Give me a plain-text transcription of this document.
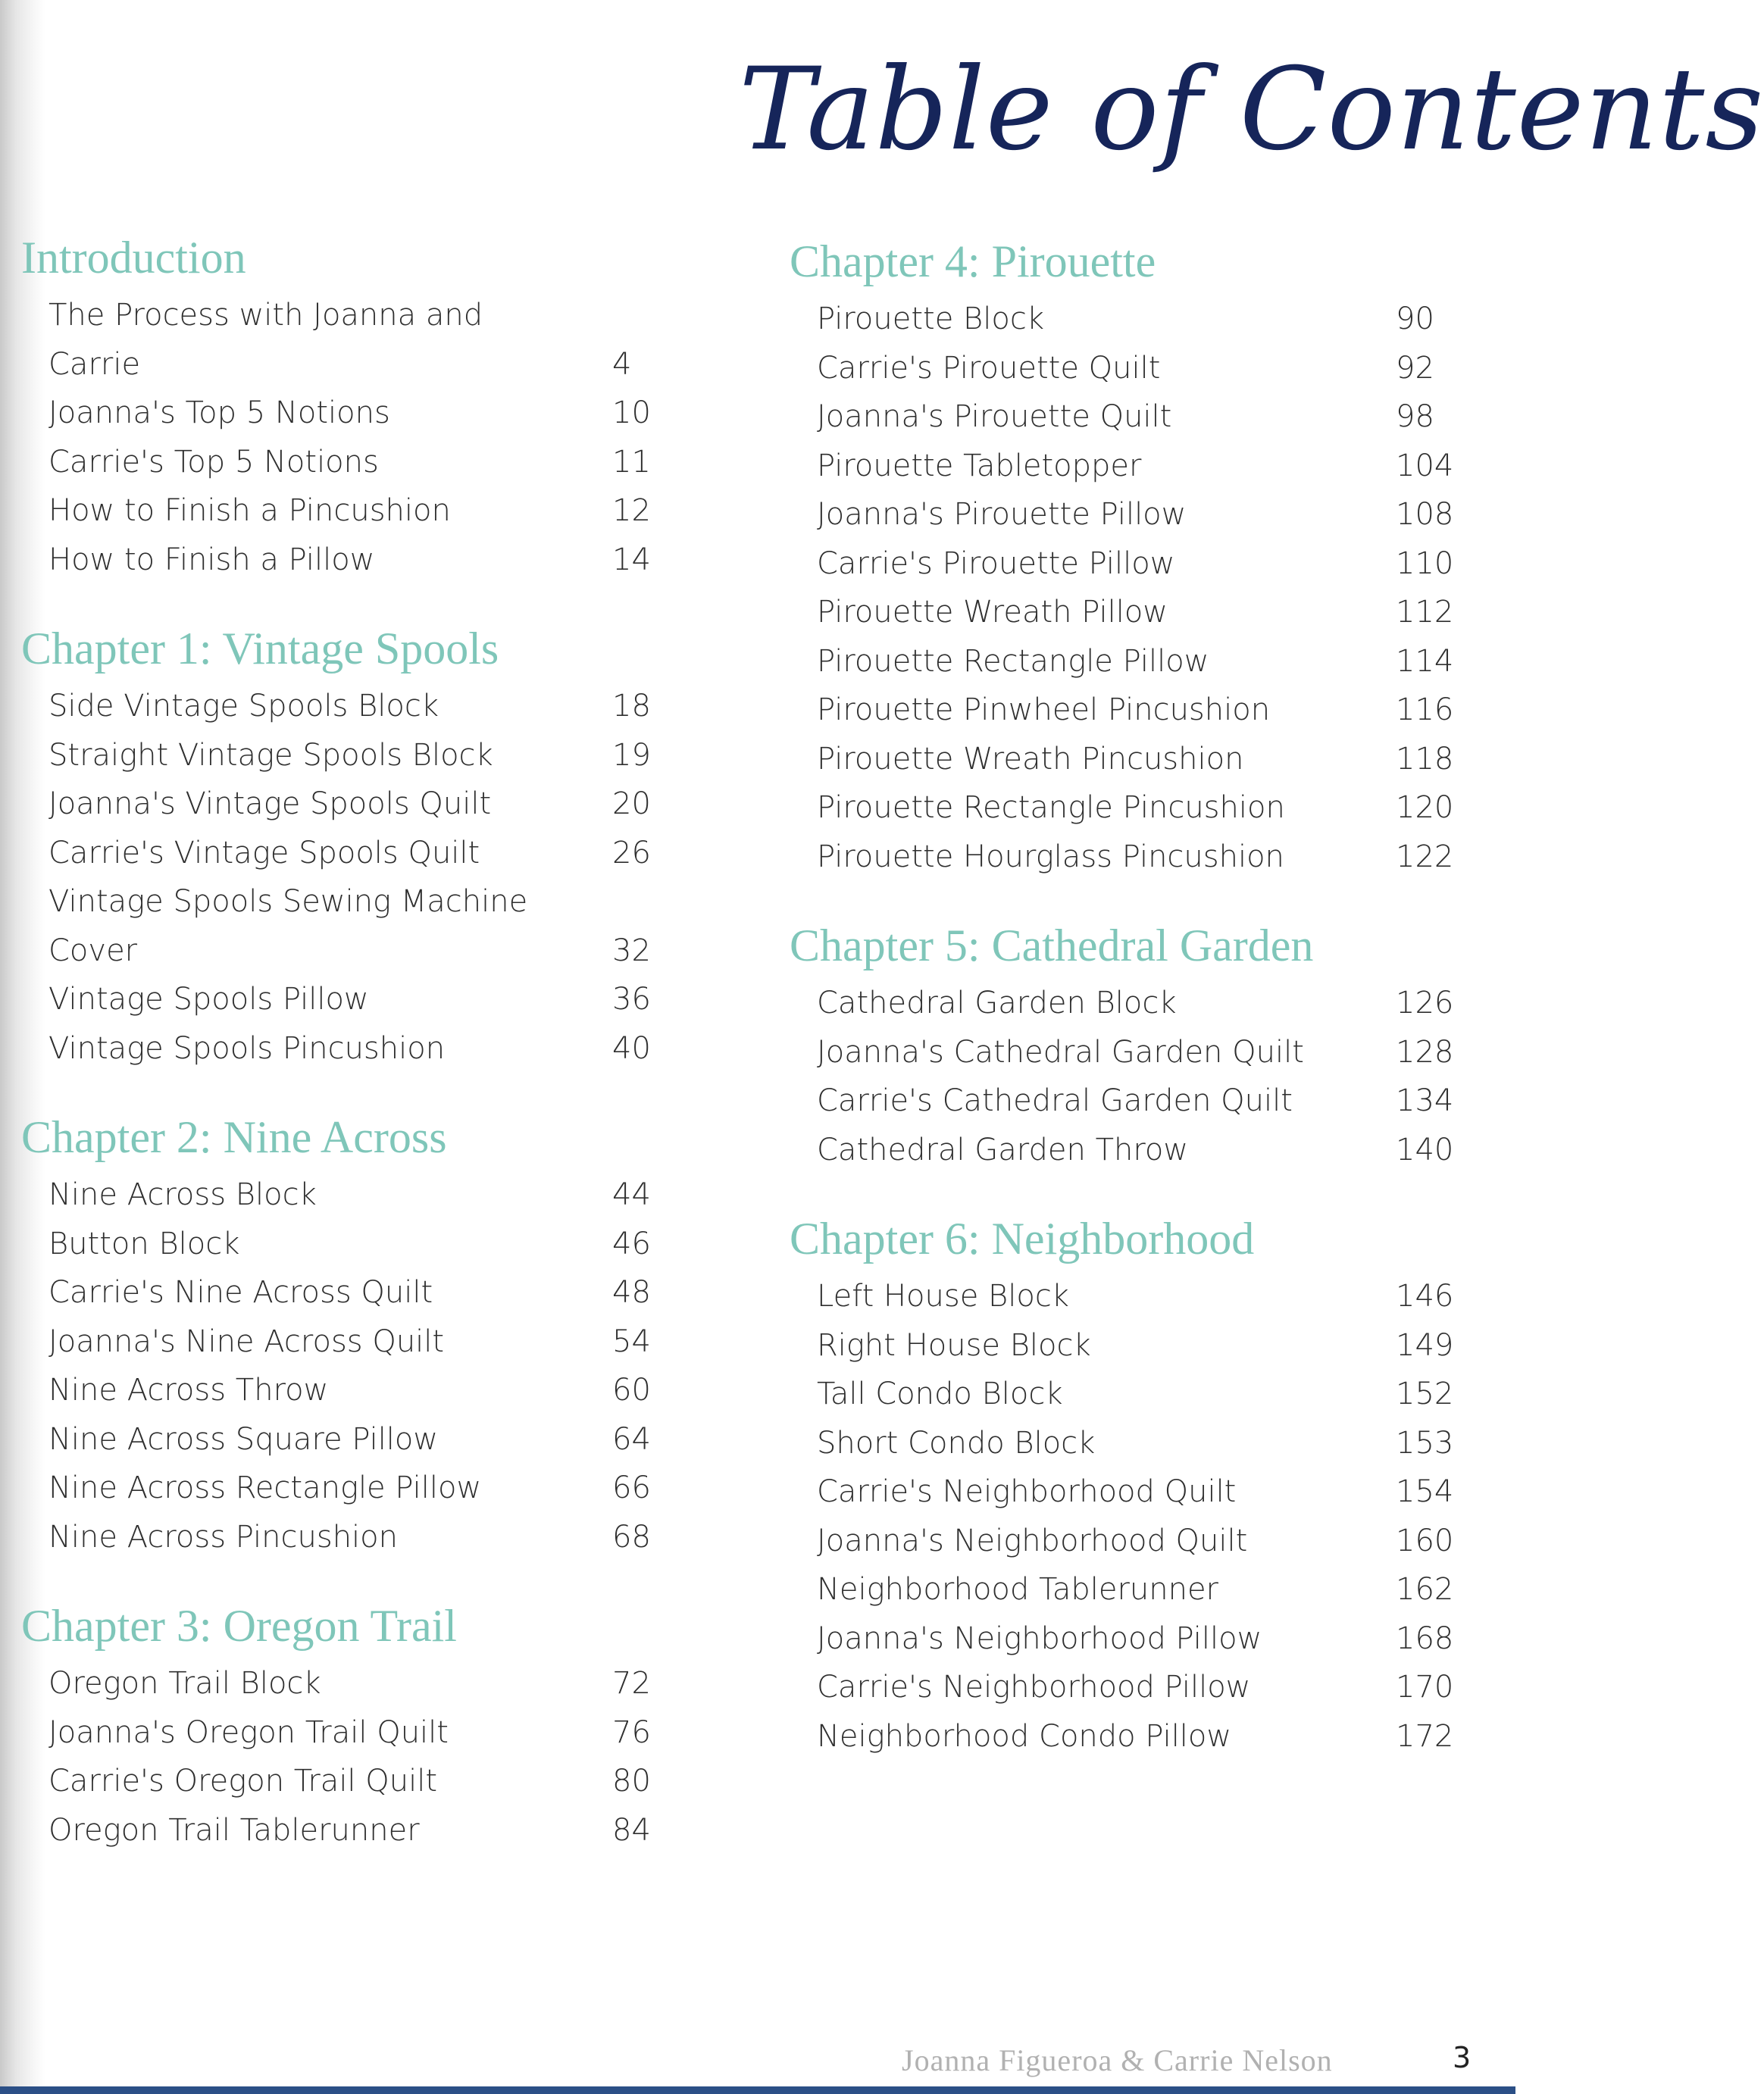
Table of Contents
Introduction
The Process with Joanna and Carrie	4
Joanna's Top 5 Notions	10
Carrie's Top 5 Notions	11
How to Finish a Pincushion	12
How to Finish a Pillow	14
Chapter 1: Vintage Spools
Side Vintage Spools Block	18
Straight Vintage Spools Block	19
Joanna's Vintage Spools Quilt	20
Carrie's Vintage Spools Quilt	26
Vintage Spools Sewing Machine Cover	32
Vintage Spools Pillow	36
Vintage Spools Pincushion	40
Chapter 2: Nine Across
Nine Across Block	44
Button Block	46
Carrie's Nine Across Quilt	48
Joanna's Nine Across Quilt	54
Nine Across Throw	60
Nine Across Square Pillow	64
Nine Across Rectangle Pillow	66
Nine Across Pincushion	68
Chapter 3: Oregon Trail
Oregon Trail Block	72
Joanna's Oregon Trail Quilt	76
Carrie's Oregon Trail Quilt	80
Oregon Trail Tablerunner	84
Chapter 4: Pirouette
Pirouette Block	90
Carrie's Pirouette Quilt	92
Joanna's Pirouette Quilt	98
Pirouette Tabletopper	104
Joanna's Pirouette Pillow	108
Carrie's Pirouette Pillow	110
Pirouette Wreath Pillow	112
Pirouette Rectangle Pillow	114
Pirouette Pinwheel Pincushion	116
Pirouette Wreath Pincushion	118
Pirouette Rectangle Pincushion	120
Pirouette Hourglass Pincushion	122
Chapter 5: Cathedral Garden
Cathedral Garden Block	126
Joanna's Cathedral Garden Quilt	128
Carrie's Cathedral Garden Quilt	134
Cathedral Garden Throw	140
Chapter 6: Neighborhood
Left House Block	146
Right House Block	149
Tall Condo Block	152
Short Condo Block	153
Carrie's Neighborhood Quilt	154
Joanna's Neighborhood Quilt	160
Neighborhood Tablerunner	162
Joanna's Neighborhood Pillow	168
Carrie's Neighborhood Pillow	170
Neighborhood Condo Pillow	172
Joanna Figueroa & Carrie Nelson	3
